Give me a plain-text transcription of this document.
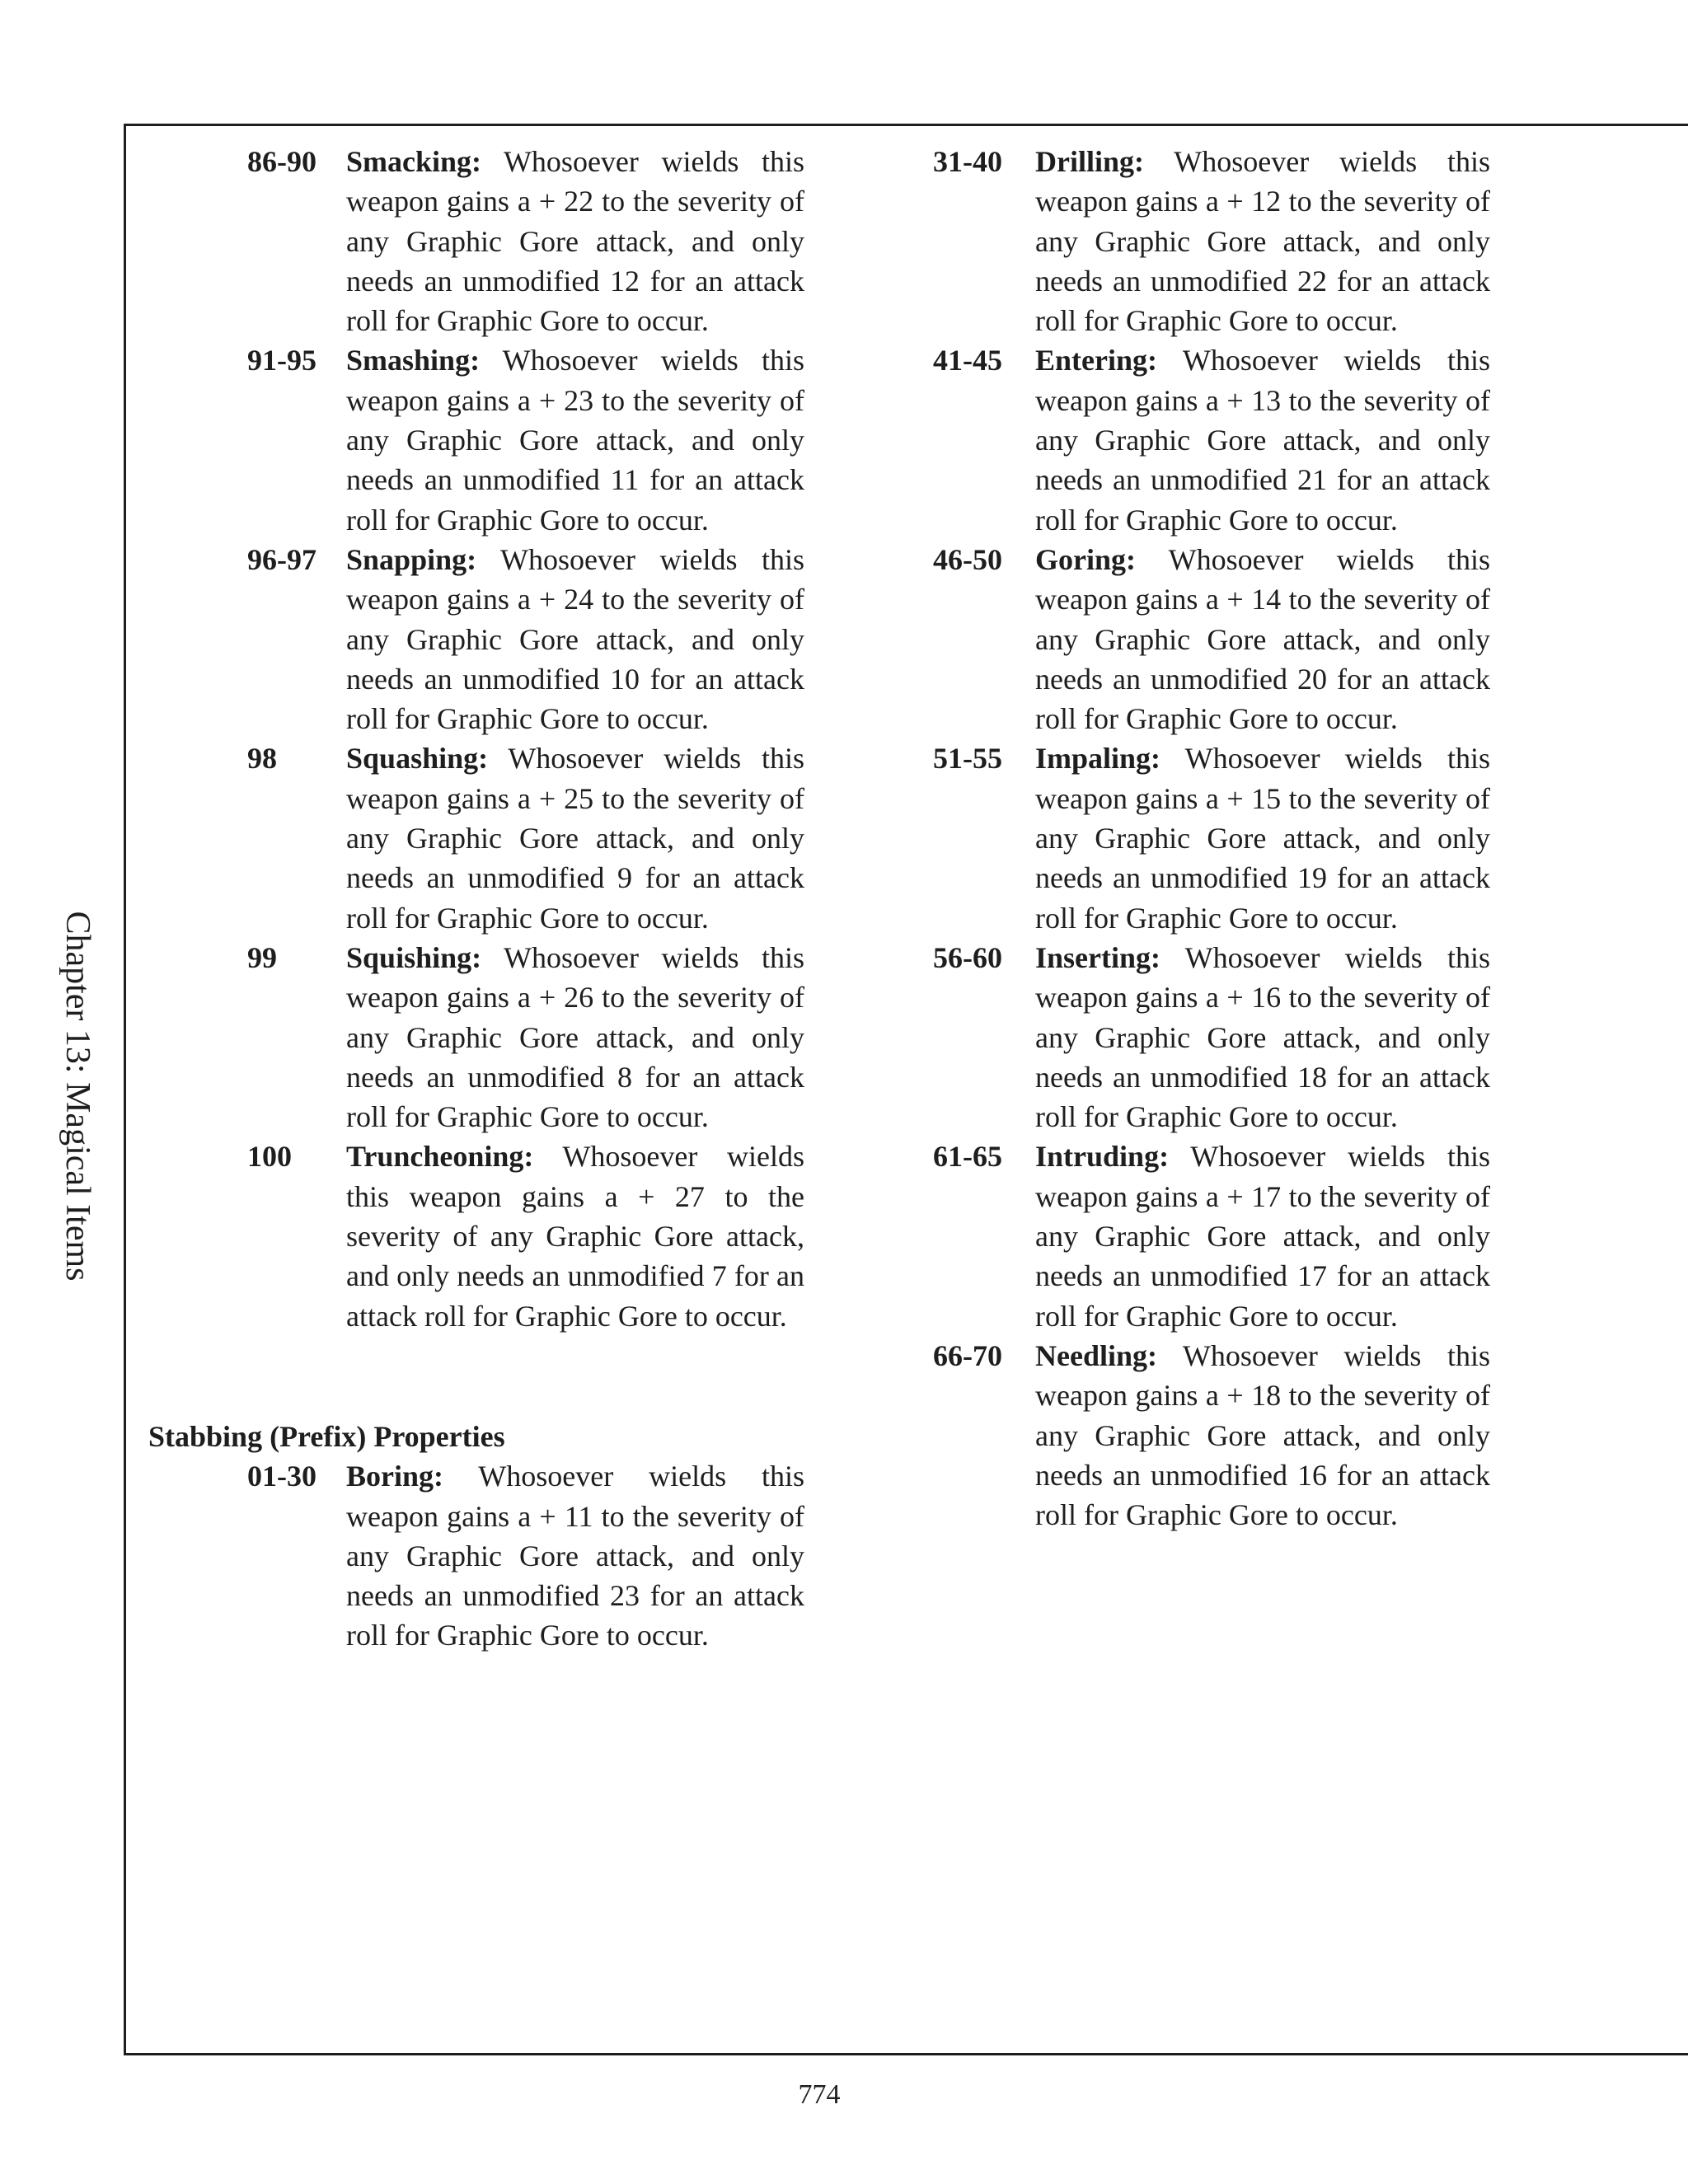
Chapter 13: Magical Items
86-90	Smacking: Whosoever wields this weapon gains a + 22 to the severity of any Graphic Gore attack, and only needs an unmodified 12 for an attack roll for Graphic Gore to occur.
91-95	Smashing: Whosoever wields this weapon gains a + 23 to the severity of any Graphic Gore attack, and only needs an unmodified 11 for an attack roll for Graphic Gore to occur.
96-97	Snapping: Whosoever wields this weapon gains a + 24 to the severity of any Graphic Gore attack, and only needs an unmodified 10 for an attack roll for Graphic Gore to occur.
98	Squashing: Whosoever wields this weapon gains a + 25 to the severity of any Graphic Gore attack, and only needs an unmodified 9 for an attack roll for Graphic Gore to occur.
99	Squishing: Whosoever wields this weapon gains a + 26 to the severity of any Graphic Gore attack, and only needs an unmodified 8 for an attack roll for Graphic Gore to occur.
100	Truncheoning: Whosoever wields this weapon gains a + 27 to the severity of any Graphic Gore attack, and only needs an unmodified 7 for an attack roll for Graphic Gore to occur.
Stabbing (Prefix) Properties
01-30	Boring: Whosoever wields this weapon gains a + 11 to the severity of any Graphic Gore attack, and only needs an unmodified 23 for an attack roll for Graphic Gore to occur.
31-40	Drilling: Whosoever wields this weapon gains a + 12 to the severity of any Graphic Gore attack, and only needs an unmodified 22 for an attack roll for Graphic Gore to occur.
41-45	Entering: Whosoever wields this weapon gains a + 13 to the severity of any Graphic Gore attack, and only needs an unmodified 21 for an attack roll for Graphic Gore to occur.
46-50	Goring: Whosoever wields this weapon gains a + 14 to the severity of any Graphic Gore attack, and only needs an unmodified 20 for an attack roll for Graphic Gore to occur.
51-55	Impaling: Whosoever wields this weapon gains a + 15 to the severity of any Graphic Gore attack, and only needs an unmodified 19 for an attack roll for Graphic Gore to occur.
56-60	Inserting: Whosoever wields this weapon gains a + 16 to the severity of any Graphic Gore attack, and only needs an unmodified 18 for an attack roll for Graphic Gore to occur.
61-65	Intruding: Whosoever wields this weapon gains a + 17 to the severity of any Graphic Gore attack, and only needs an unmodified 17 for an attack roll for Graphic Gore to occur.
66-70	Needling: Whosoever wields this weapon gains a + 18 to the severity of any Graphic Gore attack, and only needs an unmodified 16 for an attack roll for Graphic Gore to occur.
774
